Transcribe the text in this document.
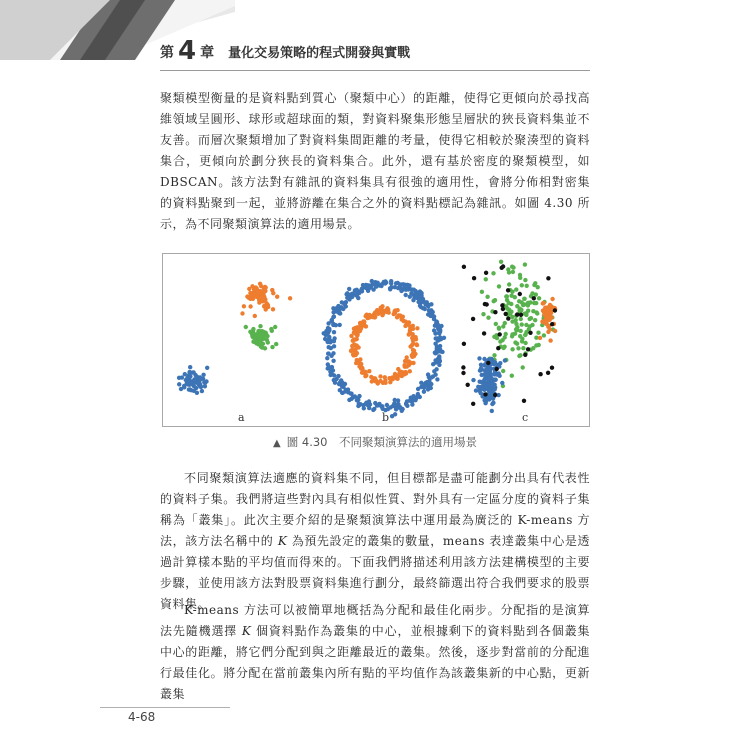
第 4 章 量化交易策略的程式開發與實戰

聚類模型衡量的是資料點到質心（聚類中心）的距離，使得它更傾向於尋找高維領域呈圓形、球形或超球面的類，對資料聚集形態呈層狀的狹長資料集並不友善。而層次聚類增加了對資料集間距離的考量，使得它相較於聚湊型的資料集合，更傾向於劃分狹長的資料集合。此外，還有基於密度的聚類模型，如DBSCAN。該方法對有雜訊的資料集具有很強的適用性，會將分佈相對密集的資料點聚到一起，並將游離在集合之外的資料點標記為雜訊。如圖 4.30 所示，為不同聚類演算法的適用場景。

a	b	c
▲ 圖 4.30　不同聚類演算法的適用場景

不同聚類演算法適應的資料集不同，但目標都是盡可能劃分出具有代表性的資料子集。我們將這些對內具有相似性質、對外具有一定區分度的資料子集稱為「叢集」。此次主要介紹的是聚類演算法中運用最為廣泛的 K-means 方法，該方法名稱中的 K 為預先設定的叢集的數量，means 表達叢集中心是透過計算樣本點的平均值而得來的。下面我們將描述利用該方法建構模型的主要步驟，並使用該方法對股票資料集進行劃分，最終篩選出符合我們要求的股票資料集。

K-means 方法可以被簡單地概括為分配和最佳化兩步。分配指的是演算法先隨機選擇 K 個資料點作為叢集的中心，並根據剩下的資料點到各個叢集中心的距離，將它們分配到與之距離最近的叢集。然後，逐步對當前的分配進行最佳化。將分配在當前叢集內所有點的平均值作為該叢集新的中心點，更新叢集

4-68
